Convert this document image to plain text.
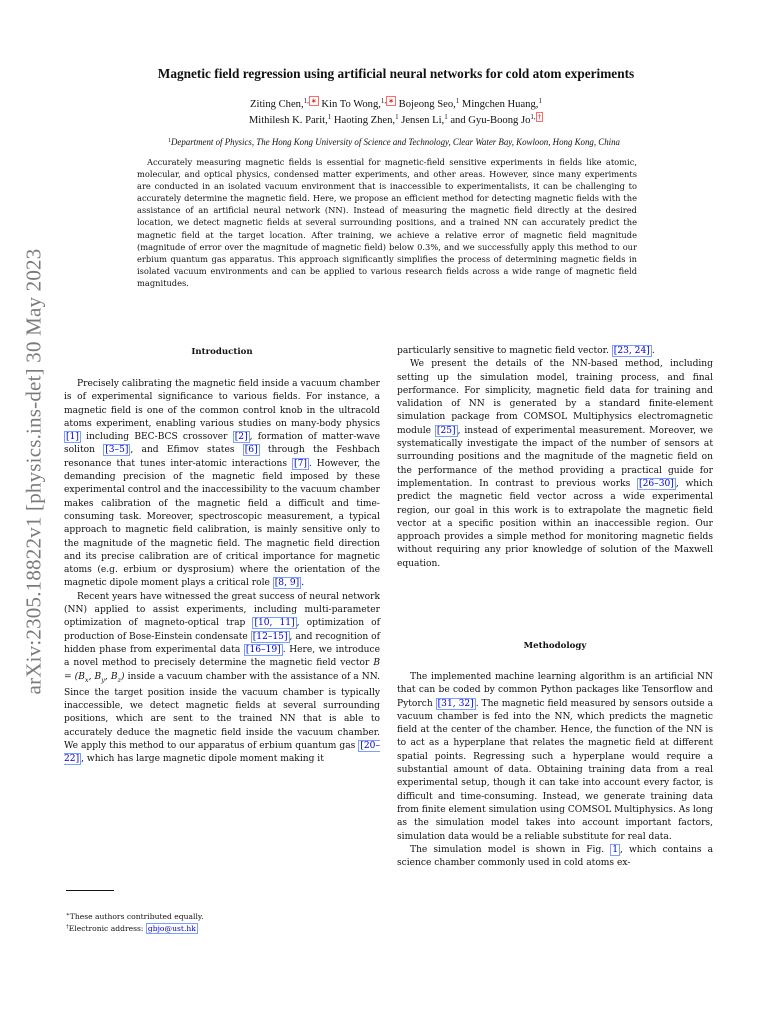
arXiv:2305.18822v1 [physics.ins-det] 30 May 2023
Magnetic field regression using artificial neural networks for cold atom experiments
Ziting Chen,$^{1, ∗}$ Kin To Wong,$^{1, ∗}$ Bojeong Seo,$^1$ Mingchen Huang,$^1$
Mithilesh K. Parit,$^1$ Haoting Zhen,$^1$ Jensen Li,$^1$ and Gyu-Boong $Jo^{1, \dagger}$
$^1$Department of Physics, The Hong Kong University of Science and Technology, Clear Water Bay, Kowloon, Hong Kong, China

Accurately measuring magnetic fields is essential for magnetic-field sensitive experiments in fields like atomic, molecular, and optical physics, condensed matter experiments, and other areas. However, since many experiments are conducted in an isolated vacuum environment that is inaccessible to experimentalists, it can be challenging to accurately determine the magnetic field. Here, we propose an efficient method for detecting magnetic fields with the assistance of an artificial neural network (NN). Instead of measuring the magnetic field directly at the desired location, we detect magnetic fields at several surrounding positions, and a trained NN can accurately predict the magnetic field at the target location. After training, we achieve a relative error of magnetic field magnitude (magnitude of error over the magnitude of magnetic field) below 0.3%, and we successfully apply this method to our erbium quantum gas apparatus. This approach significantly simplifies the process of determining magnetic fields in isolated vacuum environments and can be applied to various research fields across a wide range of magnetic field magnitudes.

Introduction

Precisely calibrating the magnetic field inside a vacuum chamber is of experimental significance to various fields. For instance, a magnetic field is one of the common control knob in the ultracold atoms experiment, enabling various studies on many-body physics [1] including BEC-BCS crossover [2] , formation of matter-wave soliton [3–5] , and Efimov states [6] through the Feshbach resonance that tunes inter-atomic interactions [7] . However, the demanding precision of the magnetic field imposed by these experimental control and the inaccessibility to the vacuum chamber makes calibration of the magnetic field a difficult and time-consuming task. Moreover, spectroscopic measurement, a typical approach to magnetic field calibration, is mainly sensitive only to the magnitude of the magnetic field. The magnetic field direction and its precise calibration are of critical importance for magnetic atoms (e.g. erbium or dysprosium) where the orientation of the magnetic dipole moment plays a critical role [8, 9] .

Recent years have witnessed the great success of neural network (NN) applied to assist experiments, including multi-parameter optimization of magneto-optical trap [10, 11] , optimization of production of Bose-Einstein condensate [12–15] , and recognition of hidden phase from experimental data [16–19] . Here, we introduce a novel method to precisely determine the magnetic field vector $B = (B_x$, $B_y$, $B_z$) inside a vacuum chamber with the assistance of a NN. Since the target position inside the vacuum chamber is typically inaccessible, we detect magnetic fields at several surrounding positions, which are sent to the trained NN that is able to accurately deduce the magnetic field inside the vacuum chamber. We apply this method to our apparatus of erbium quantum gas [20–22] , which has large magnetic dipole moment making it

particularly sensitive to magnetic field vector. [23, 24] .

We present the details of the NN-based method, including setting up the simulation model, training process, and final performance. For simplicity, magnetic field data for training and validation of NN is generated by a standard finite-element simulation package from COMSOL Multiphysics electromagnetic module [25] , instead of experimental measurement. Moreover, we systematically investigate the impact of the number of sensors at surrounding positions and the magnitude of the magnetic field on the performance of the method providing a practical guide for implementation. In contrast to previous works [26–30] , which predict the magnetic field vector across a wide experimental region, our goal in this work is to extrapolate the magnetic field vector at a specific position within an inaccessible region. Our approach provides a simple method for monitoring magnetic fields without requiring any prior knowledge of solution of the Maxwell equation.

Methodology

The implemented machine learning algorithm is an artificial NN that can be coded by common Python packages like Tensorflow and Pytorch [31, 32] . The magnetic field measured by sensors outside a vacuum chamber is fed into the NN, which predicts the magnetic field at the center of the chamber. Hence, the function of the NN is to act as a hyperplane that relates the magnetic field at different spatial points. Regressing such a hyperplane would require a substantial amount of data. Obtaining training data from a real experimental setup, though it can take into account every factor, is difficult and time-consuming. Instead, we generate training data from finite element simulation using COMSOL Multiphysics. As long as the simulation model takes into account important factors, simulation data would be a reliable substitute for real data.

The simulation model is shown in Fig. 1 , which contains a science chamber commonly used in cold atoms ex-

∗These authors contributed equally.
†Electronic address: gbjo@ust.hk
